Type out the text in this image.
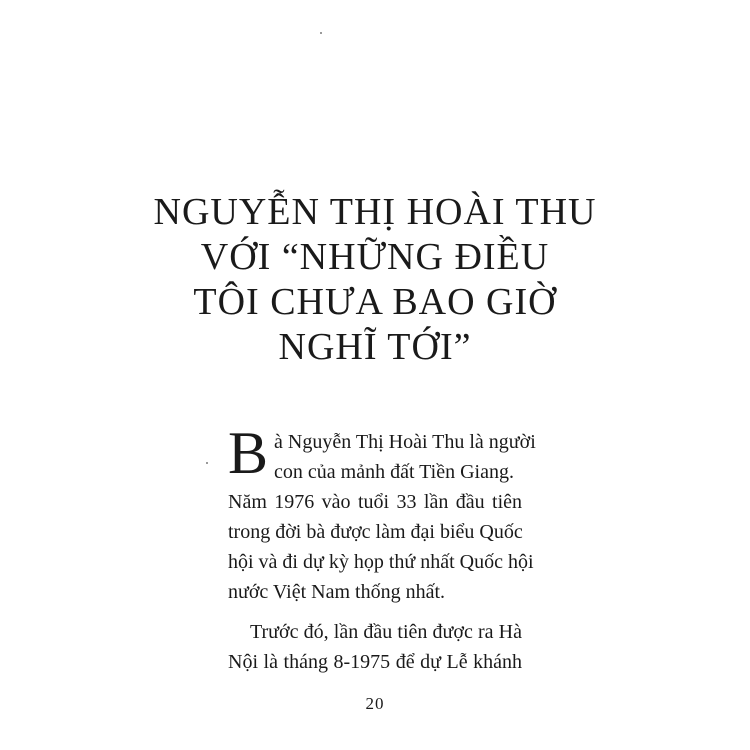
NGUYỄN THỊ HOÀI THU
VỚI “NHỮNG ĐIỀU
TÔI CHƯA BAO GIỜ
NGHĨ TỚI”
B à Nguyễn Thị Hoài Thu là người
con của mảnh đất Tiền Giang.
Năm 1976 vào tuổi 33 lần đầu tiên
trong đời bà được làm đại biểu Quốc
hội và đi dự kỳ họp thứ nhất Quốc hội
nước Việt Nam thống nhất.
Trước đó, lần đầu tiên được ra Hà
Nội là tháng 8-1975 để dự Lễ khánh
20
